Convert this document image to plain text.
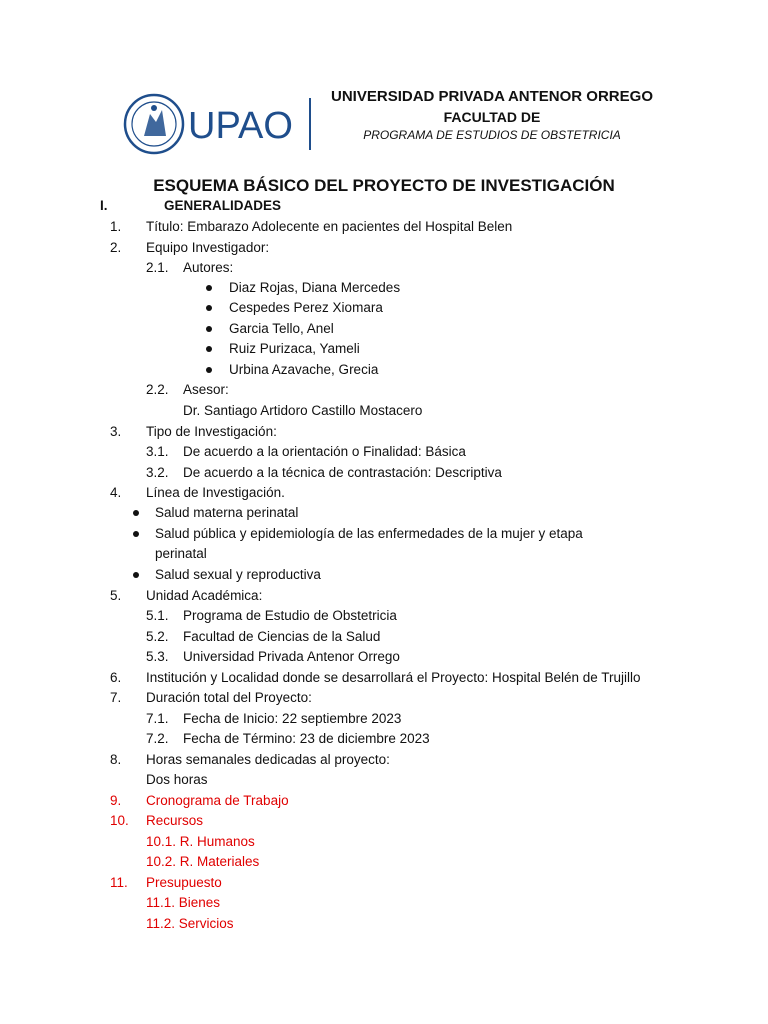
UPAO
UNIVERSIDAD PRIVADA ANTENOR ORREGO
FACULTAD DE
PROGRAMA DE ESTUDIOS DE OBSTETRICIA
ESQUEMA BÁSICO DEL PROYECTO DE INVESTIGACIÓN
I.	GENERALIDADES
1. Título: Embarazo Adolecente en pacientes del Hospital Belen
2. Equipo Investigador:
2.1. Autores:
Diaz Rojas, Diana Mercedes
Cespedes Perez Xiomara
Garcia Tello, Anel
Ruiz Purizaca, Yameli
Urbina Azavache, Grecia
2.2. Asesor:
Dr. Santiago Artidoro Castillo Mostacero
3. Tipo de Investigación:
3.1. De acuerdo a la orientación o Finalidad: Básica
3.2. De acuerdo a la técnica de contrastación: Descriptiva
4. Línea de Investigación.
Salud materna perinatal
Salud pública y epidemiología de las enfermedades de la mujer y etapa
perinatal
Salud sexual y reproductiva
5. Unidad Académica:
5.1. Programa de Estudio de Obstetricia
5.2. Facultad de Ciencias de la Salud
5.3. Universidad Privada Antenor Orrego
6. Institución y Localidad donde se desarrollará el Proyecto: Hospital Belén de Trujillo
7. Duración total del Proyecto:
7.1. Fecha de Inicio: 22 septiembre 2023
7.2. Fecha de Término: 23 de diciembre 2023
8. Horas semanales dedicadas al proyecto:
Dos horas
9. Cronograma de Trabajo
10. Recursos
10.1. R. Humanos
10.2. R. Materiales
11. Presupuesto
11.1. Bienes
11.2. Servicios
